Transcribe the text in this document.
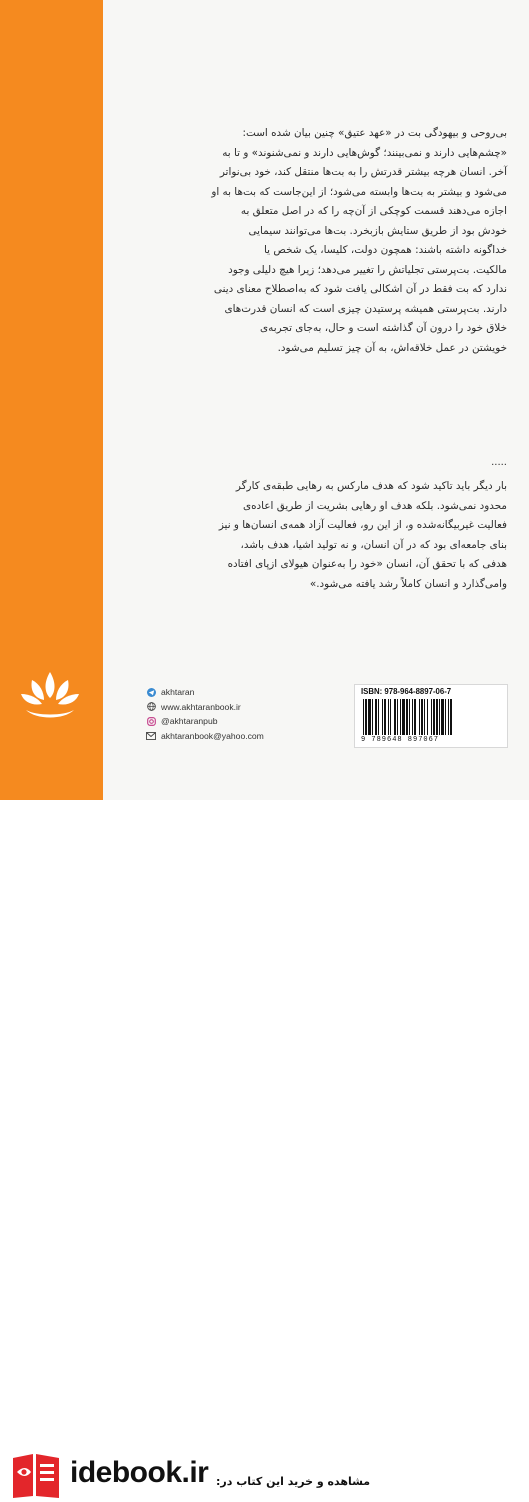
بی‌روحی و بیهودگی بت در «عهد عتیق» چنین بیان شده است:
«چشم‌هایی دارند و نمی‌بینند؛ گوش‌هایی دارند و نمی‌شنوند» و تا به
آخر. انسان هرچه بیشتر قدرتش را به بت‌ها منتقل کند، خود بی‌نواتر
می‌شود و بیشتر به بت‌ها وابسته می‌شود؛ از این‌جاست که بت‌ها به او
اجازه می‌دهند قسمت کوچکی از آن‌چه را که در اصل متعلق به
خودش بود از طریق ستایش بازبخرد. بت‌ها می‌توانند سیمایی
خداگونه داشته باشند: همچون دولت، کلیسا، یک شخص یا
مالکیت. بت‌پرستی تجلیاتش را تغییر می‌دهد؛ زیرا هیچ دلیلی وجود
ندارد که بت فقط در آن اشکالی یافت شود که به‌اصطلاح معنای دینی
دارند. بت‌پرستی همیشه پرستیدن چیزی است که انسان قدرت‌های
خلاق خود را درون آن گذاشته است و حال، به‌جای تجربه‌ی
خویشتن در عمل خلاقه‌اش، به آن چیز تسلیم می‌شود.
.....
بار دیگر باید تاکید شود که هدف مارکس به رهایی طبقه‌ی کارگر
محدود نمی‌شود. بلکه هدف او رهایی بشریت از طریق اعاده‌ی
فعالیت غیربیگانه‌شده و، از این رو، فعالیت آزاد همه‌ی انسان‌ها و نیز
بنای جامعه‌ای بود که در آن انسان، و نه تولید اشیا، هدف باشد،
هدفی که با تحقق آن، انسان «خود را به‌عنوان هیولای ازپای افتاده
وامی‌گذارد و انسان کاملاً رشد یافته می‌شود.»
akhtaran
www.akhtaranbook.ir
@akhtaranpub
akhtaranbook@yahoo.com
ISBN: 978-964-8897-06-7
9 789648 897067
idebook.ir مشاهده و خرید این کتاب در:
